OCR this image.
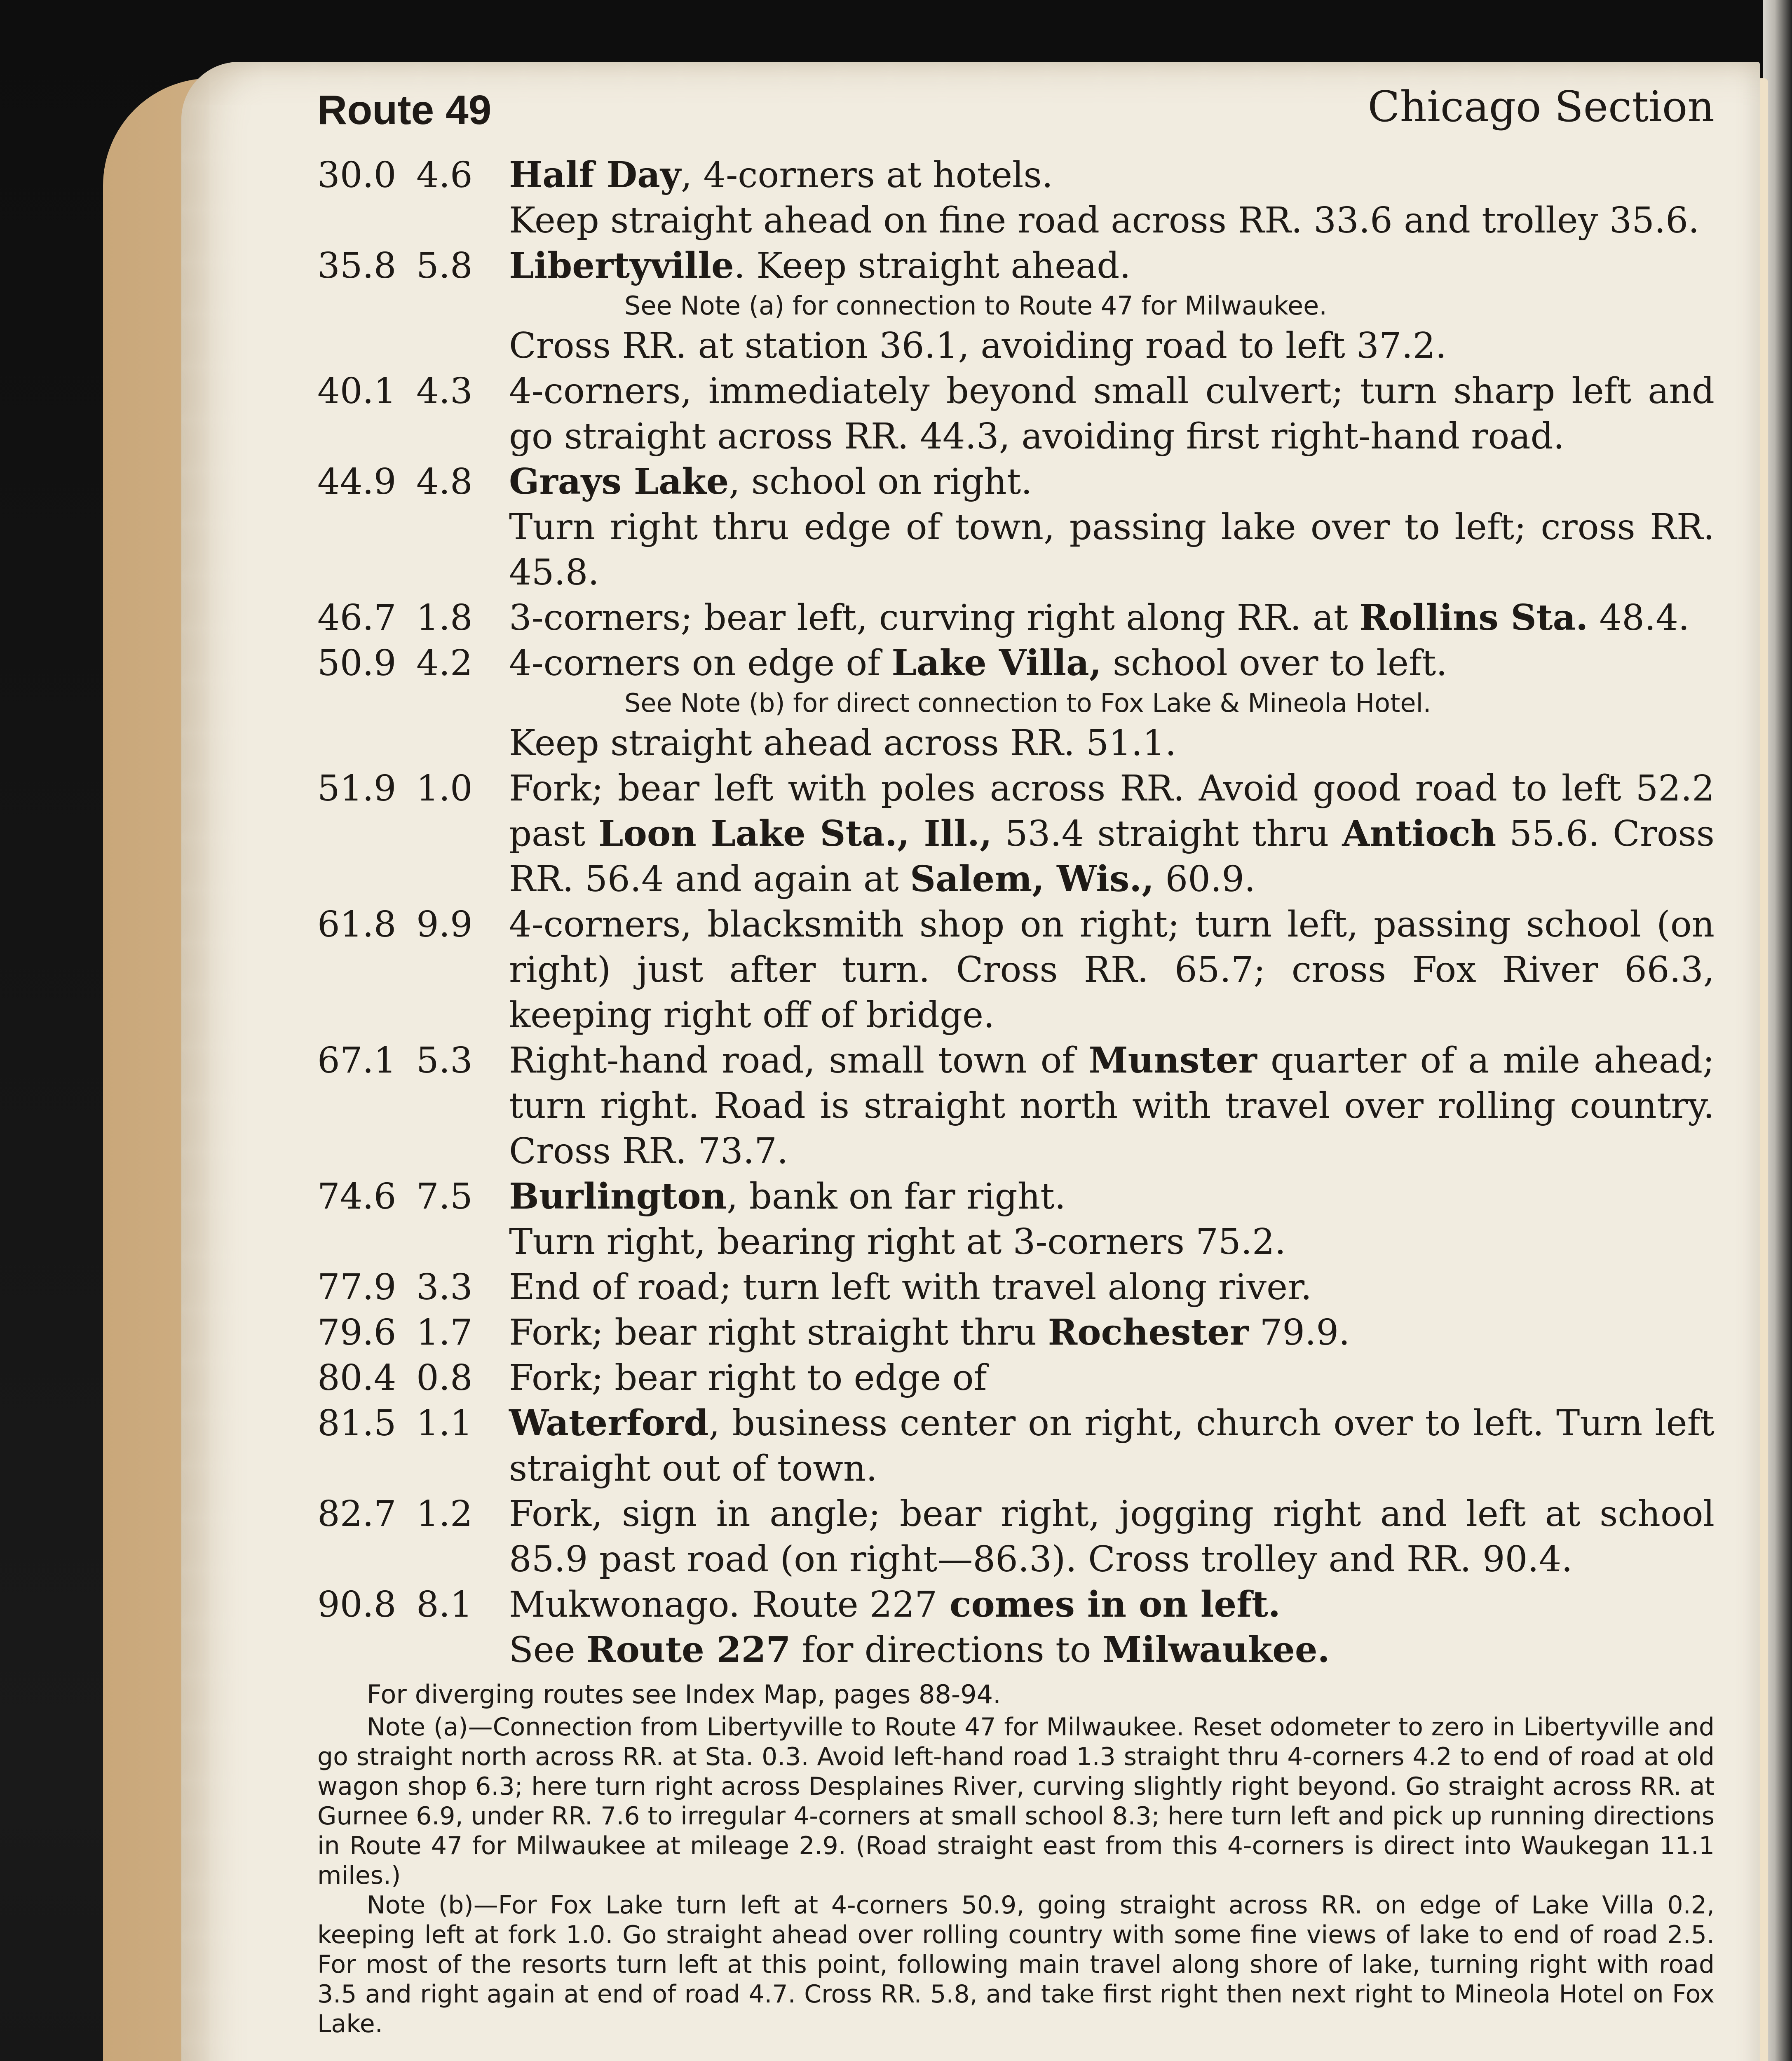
Route 49	Chicago Section
30.0 4.6	Half Day, 4-corners at hotels.

Keep straight ahead on fine road across RR. 33.6 and trolley 35.6.

35.8 5.8	Libertyville. Keep straight ahead.

See Note (a) for connection to Route 47 for Milwaukee.

Cross RR. at station 36.1, avoiding road to left 37.2.

40.1 4.3	4-corners, immediately beyond small culvert; turn sharp left and go straight across RR. 44.3, avoiding first right-hand road.

44.9 4.8	Grays Lake, school on right.

Turn right thru edge of town, passing lake over to left; cross RR. 45.8.

46.7 1.8	3-corners; bear left, curving right along RR. at Rollins Sta. 48.4.

50.9 4.2	4-corners on edge of Lake Villa, school over to left.

See Note (b) for direct connection to Fox Lake & Mineola Hotel.

Keep straight ahead across RR. 51.1.

51.9 1.0	Fork; bear left with poles across RR. Avoid good road to left 52.2 past Loon Lake Sta., Ill., 53.4 straight thru Antioch 55.6. Cross RR. 56.4 and again at Salem, Wis., 60.9.

61.8 9.9	4-corners, blacksmith shop on right; turn left, passing school (on right) just after turn. Cross RR. 65.7; cross Fox River 66.3, keeping right off of bridge.

67.1 5.3	Right-hand road, small town of Munster quarter of a mile ahead; turn right. Road is straight north with travel over rolling country. Cross RR. 73.7.

74.6 7.5	Burlington, bank on far right.

Turn right, bearing right at 3-corners 75.2.

77.9 3.3	End of road; turn left with travel along river.

79.6 1.7	Fork; bear right straight thru Rochester 79.9.

80.4 0.8	Fork; bear right to edge of

81.5 1.1	Waterford, business center on right, church over to left. Turn left straight out of town.

82.7 1.2	Fork, sign in angle; bear right, jogging right and left at school 85.9 past road (on right—86.3). Cross trolley and RR. 90.4.

90.8 8.1	Mukwonago. Route 227 comes in on left.

See Route 227 for directions to Milwaukee.

For diverging routes see Index Map, pages 88-94.

Note (a)—Connection from Libertyville to Route 47 for Milwaukee. Reset odometer to zero in Libertyville and go straight north across RR. at Sta. 0.3. Avoid left-hand road 1.3 straight thru 4-corners 4.2 to end of road at old wagon shop 6.3; here turn right across Desplaines River, curving slightly right beyond. Go straight across RR. at Gurnee 6.9, under RR. 7.6 to irregular 4-corners at small school 8.3; here turn left and pick up running directions in Route 47 for Milwaukee at mileage 2.9. (Road straight east from this 4-corners is direct into Waukegan 11.1 miles.)

Note (b)—For Fox Lake turn left at 4-corners 50.9, going straight across RR. on edge of Lake Villa 0.2, keeping left at fork 1.0. Go straight ahead over rolling country with some fine views of lake to end of road 2.5. For most of the resorts turn left at this point, following main travel along shore of lake, turning right with road 3.5 and right again at end of road 4.7. Cross RR. 5.8, and take first right then next right to Mineola Hotel on Fox Lake.
